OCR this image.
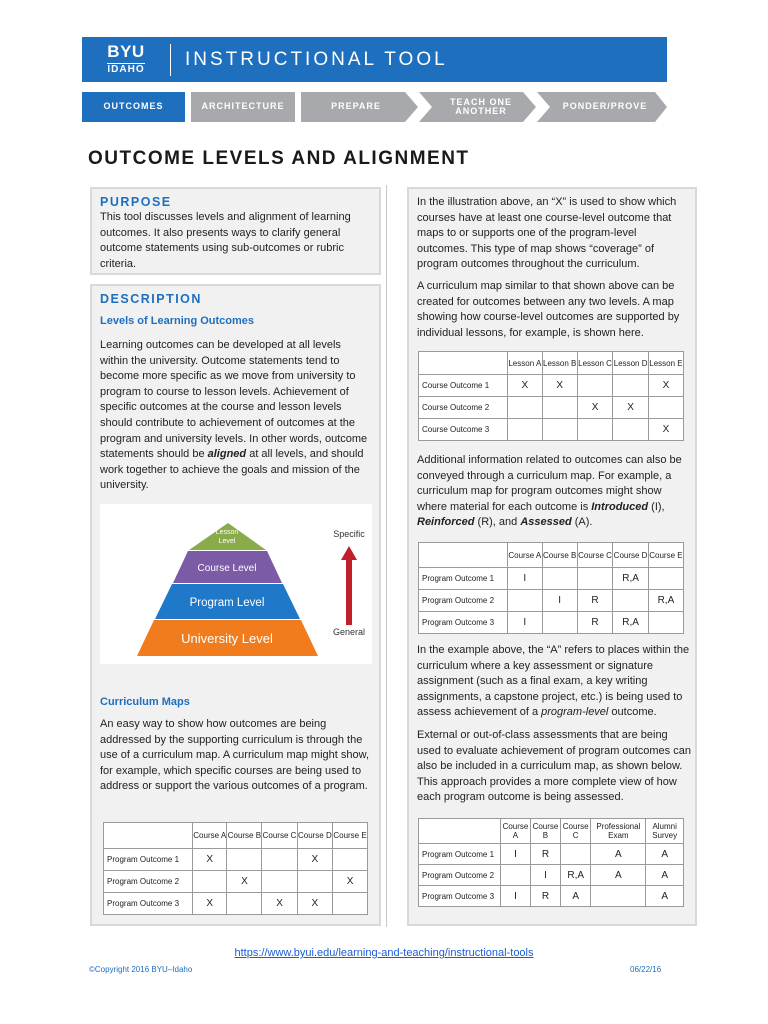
BYU
IDAHO	INSTRUCTIONAL TOOL
OUTCOMES	ARCHITECTURE	PREPARE	TEACH ONE ANOTHER	PONDER/PROVE
OUTCOME LEVELS AND ALIGNMENT
PURPOSE
This tool discusses levels and alignment of learning outcomes. It also presents ways to clarify general outcome statements using sub-outcomes or rubric criteria.
DESCRIPTION
Levels of Learning Outcomes
Learning outcomes can be developed at all levels within the university. Outcome statements tend to become more specific as we move from university to program to course to lesson levels. Achievement of specific outcomes at the course and lesson levels should contribute to achievement of outcomes at the program and university levels. In other words, outcome statements should be aligned at all levels, and should work together to achieve the goals and mission of the university.
Lesson
Level
Course Level
Program Level
University Level
Specific
General
Curriculum Maps
An easy way to show how outcomes are being addressed by the supporting curriculum is through the use of a curriculum map. A curriculum map might show, for example, which specific courses are being used to address or support the various outcomes of a program.
	Course A	Course B	Course C	Course D	Course E
Program Outcome 1	X			X	
Program Outcome 2		X			X
Program Outcome 3	X		X	X	
In the illustration above, an “X” is used to show which courses have at least one course-level outcome that maps to or supports one of the program-level outcomes. This type of map shows “coverage” of program outcomes throughout the curriculum.
A curriculum map similar to that shown above can be created for outcomes between any two levels. A map showing how course-level outcomes are supported by individual lessons, for example, is shown here.
	Lesson A	Lesson B	Lesson C	Lesson D	Lesson E
Course Outcome 1	X	X			X
Course Outcome 2			X	X	
Course Outcome 3					X
Additional information related to outcomes can also be conveyed through a curriculum map. For example, a curriculum map for program outcomes might show where material for each outcome is Introduced (I), Reinforced (R), and Assessed (A).
	Course A	Course B	Course C	Course D	Course E
Program Outcome 1	I			R,A	
Program Outcome 2		I	R		R,A
Program Outcome 3	I		R	R,A	
In the example above, the “A” refers to places within the curriculum where a key assessment or signature assignment (such as a final exam, a key writing assignments, a capstone project, etc.) is being used to assess achievement of a program-level outcome.
External or out-of-class assessments that are being used to evaluate achievement of program outcomes can also be included in a curriculum map, as shown below. This approach provides a more complete view of how each program outcome is being assessed.
	Course A	Course B	Course C	Professional Exam	Alumni Survey
Program Outcome 1	I	R		A	A
Program Outcome 2		I	R,A	A	A
Program Outcome 3	I	R	A		A
https://www.byui.edu/learning-and-teaching/instructional-tools
©Copyright 2016 BYU–Idaho	06/22/16
